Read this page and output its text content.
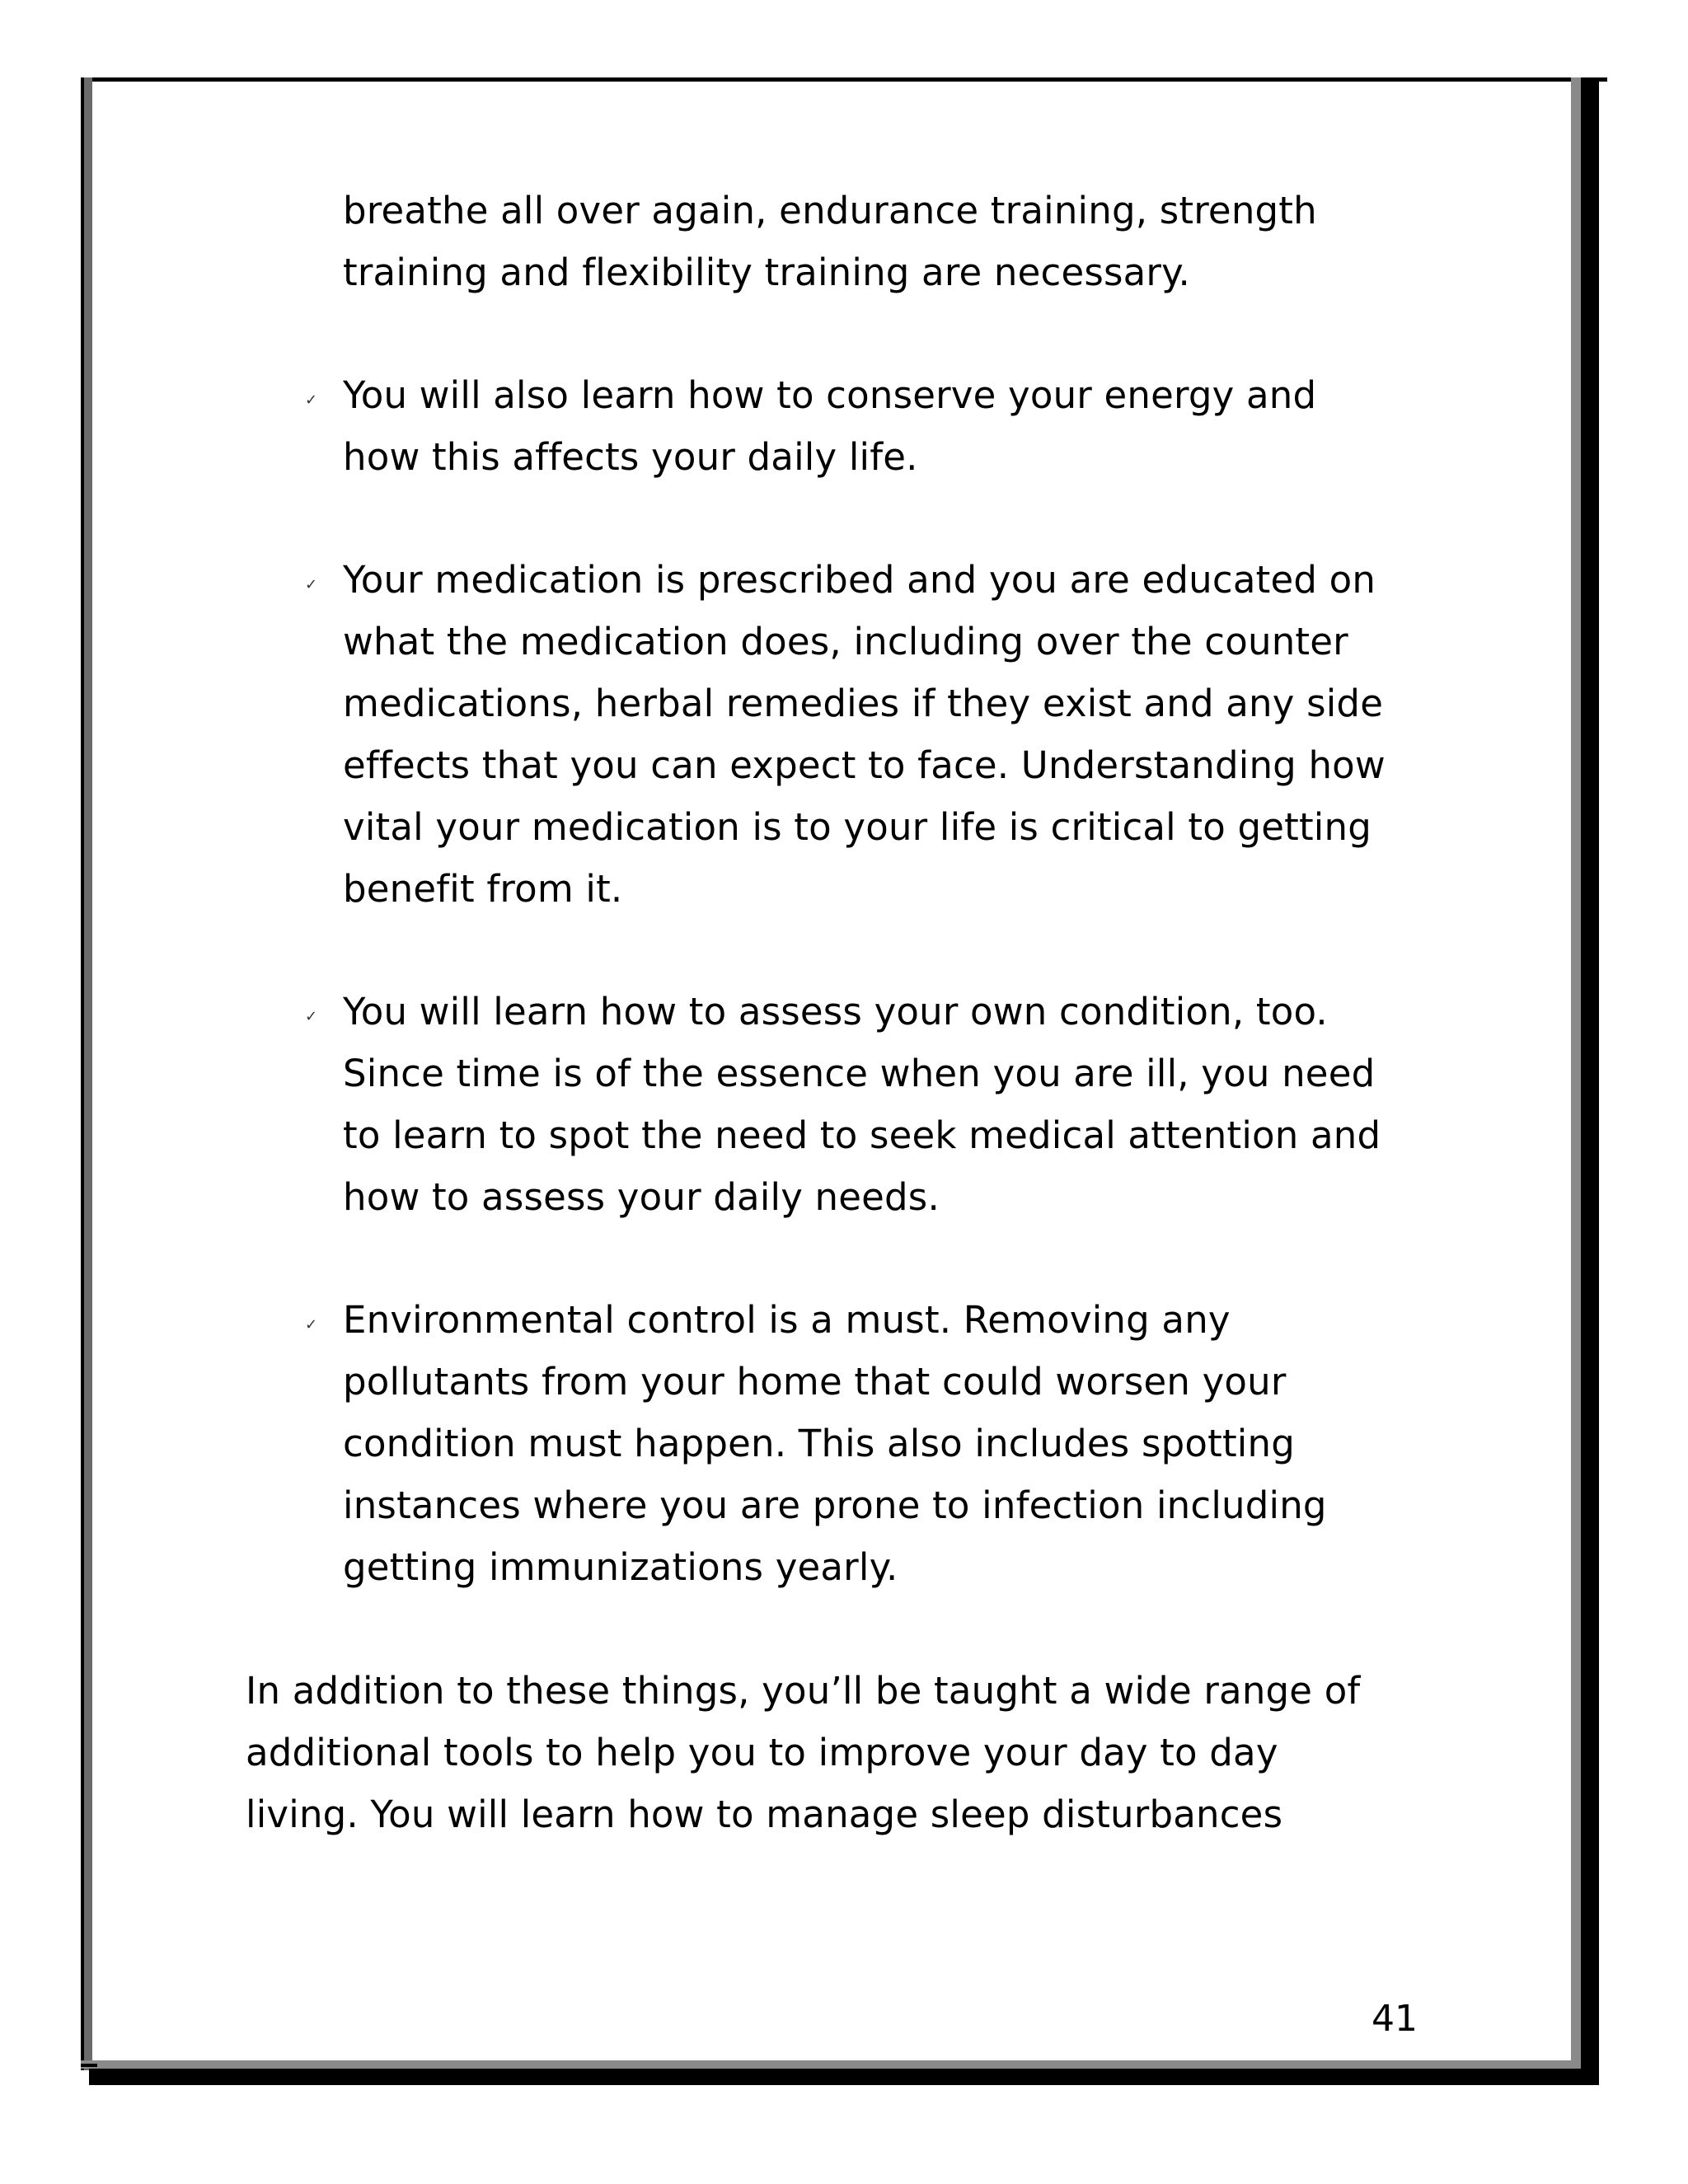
breathe all over again, endurance training, strength
training and flexibility training are necessary.

✓ You will also learn how to conserve your energy and
how this affects your daily life.

✓ Your medication is prescribed and you are educated on
what the medication does, including over the counter
medications, herbal remedies if they exist and any side
effects that you can expect to face. Understanding how
vital your medication is to your life is critical to getting
benefit from it.

✓ You will learn how to assess your own condition, too.
Since time is of the essence when you are ill, you need
to learn to spot the need to seek medical attention and
how to assess your daily needs.

✓ Environmental control is a must. Removing any
pollutants from your home that could worsen your
condition must happen. This also includes spotting
instances where you are prone to infection including
getting immunizations yearly.

In addition to these things, you’ll be taught a wide range of
additional tools to help you to improve your day to day
living. You will learn how to manage sleep disturbances

41
